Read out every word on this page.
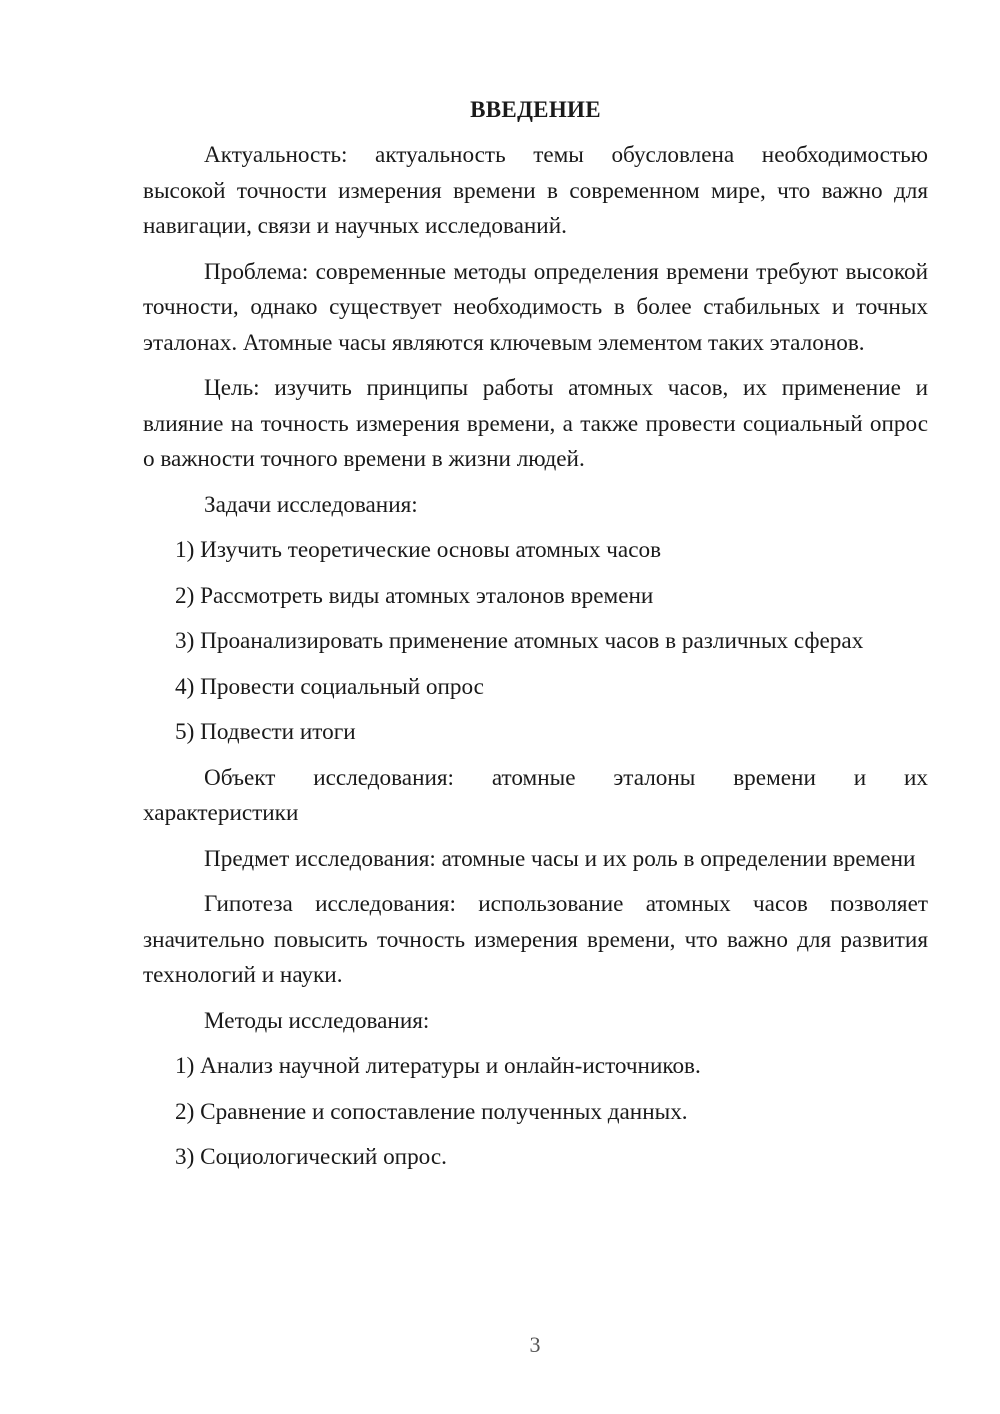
ВВЕДЕНИЕ

Актуальность: актуальность темы обусловлена необходимостью высокой точности измерения времени в современном мире, что важно для навигации, связи и научных исследований.

Проблема: современные методы определения времени требуют высокой точности, однако существует необходимость в более стабильных и точных эталонах. Атомные часы являются ключевым элементом таких эталонов.

Цель: изучить принципы работы атомных часов, их применение и влияние на точность измерения времени, а также провести социальный опрос о важности точного времени в жизни людей.

Задачи исследования:

1) Изучить теоретические основы атомных часов
2) Рассмотреть виды атомных эталонов времени
3) Проанализировать применение атомных часов в различных сферах
4) Провести социальный опрос
5) Подвести итоги

Объект исследования: атомные эталоны времени и их

характеристики

Предмет исследования: атомные часы и их роль в определении времени

Гипотеза исследования: использование атомных часов позволяет значительно повысить точность измерения времени, что важно для развития технологий и науки.

Методы исследования:

1) Анализ научной литературы и онлайн-источников.
2) Сравнение и сопоставление полученных данных.
3) Социологический опрос.
3
